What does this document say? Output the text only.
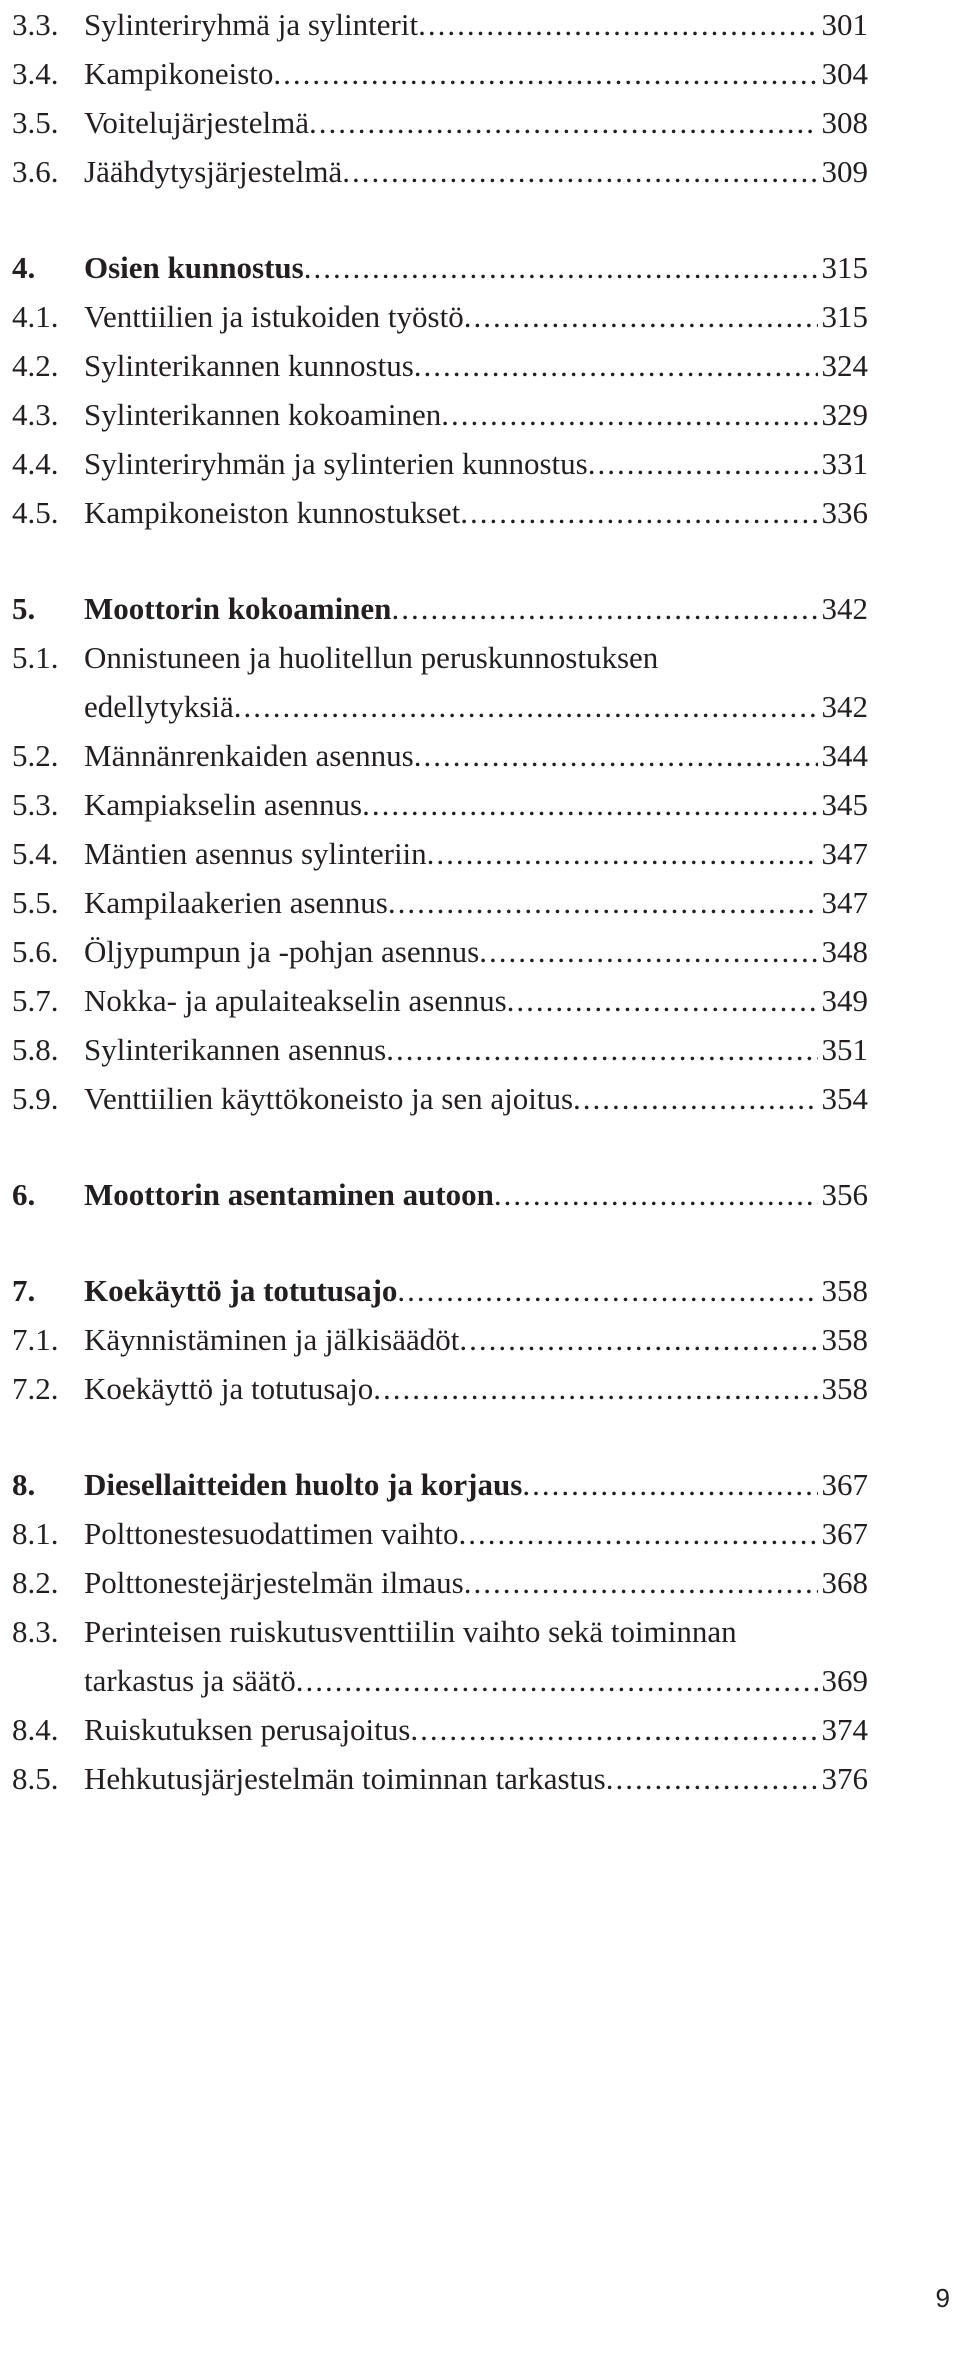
3.3. Sylinteriryhmä ja sylinterit .....	301
3.4. Kampikoneisto .....	304
3.5. Voitelujärjestelmä .....	308
3.6. Jäähdytysjärjestelmä .....	309
4.	Osien kunnostus .....	315
4.1. Venttiilien ja istukoiden työstö .....	315
4.2. Sylinterikannen kunnostus .....	324
4.3. Sylinterikannen kokoaminen .....	329
4.4. Sylinteriryhmän ja sylinterien kunnostus .....	331
4.5. Kampikoneiston kunnostukset .....	336
5.	Moottorin kokoaminen .....	342
5.1. Onnistuneen ja huolitellun peruskunnostuksen
edellytyksiä .....	342
5.2. Männänrenkaiden asennus .....	344
5.3. Kampiakselin asennus .....	345
5.4. Mäntien asennus sylinteriin .....	347
5.5. Kampilaakerien asennus .....	347
5.6. Öljypumpun ja -pohjan asennus .....	348
5.7. Nokka- ja apulaiteakselin asennus .....	349
5.8. Sylinterikannen asennus .....	351
5.9. Venttiilien käyttökoneisto ja sen ajoitus .....	354
6.	Moottorin asentaminen autoon .....	356
7.	Koekäyttö ja totutusajo .....	358
7.1. Käynnistäminen ja jälkisäädöt .....	358
7.2. Koekäyttö ja totutusajo .....	358
8.	Diesellaitteiden huolto ja korjaus .....	367
8.1. Polttonestesuodattimen vaihto .....	367
8.2. Polttonestejärjestelmän ilmaus .....	368
8.3. Perinteisen ruiskutusventtiilin vaihto sekä toiminnan
tarkastus ja säätö .....	369
8.4. Ruiskutuksen perusajoitus .....	374
8.5. Hehkutusjärjestelmän toiminnan tarkastus .....	376
9
